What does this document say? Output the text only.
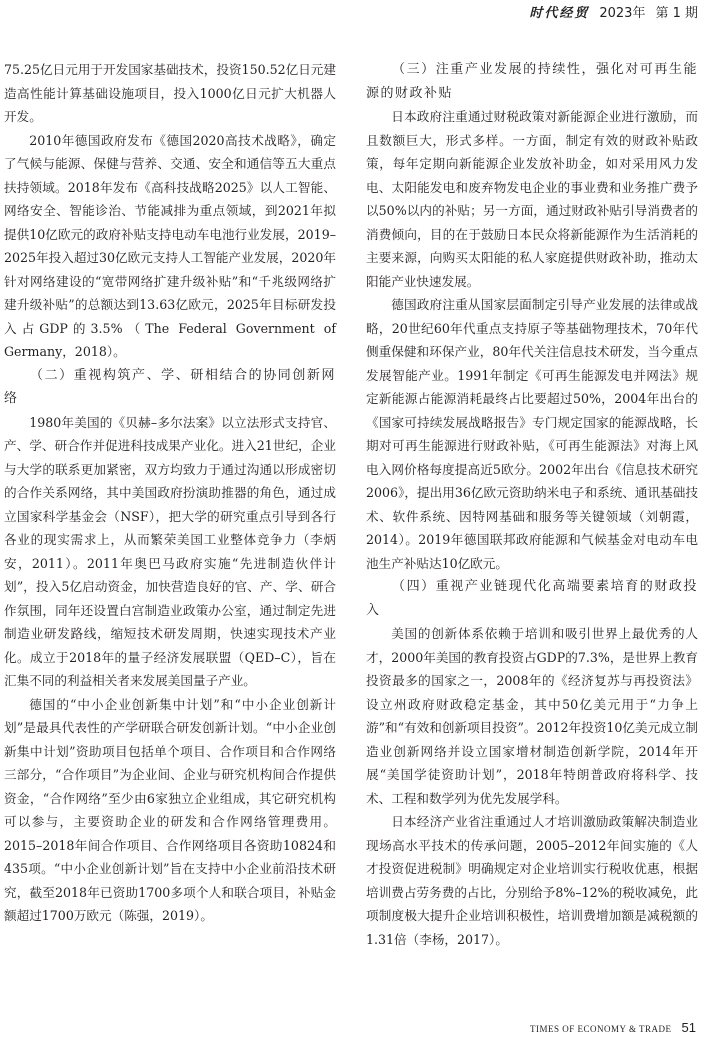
时代经贸 2023年 第 1 期

75.25亿日元用于开发国家基础技术，投资150.52亿日元建造高性能计算基础设施项目，投入1000亿日元扩大机器人开发。

2010年德国政府发布《德国2020高技术战略》，确定了气候与能源、保健与营养、交通、安全和通信等五大重点扶持领域。2018年发布《高科技战略2025》以人工智能、网络安全、智能诊治、节能减排为重点领域，到2021年拟提供10亿欧元的政府补贴支持电动车电池行业发展，2019–2025年投入超过30亿欧元支持人工智能产业发展，2020年针对网络建设的“宽带网络扩建升级补贴”和“千兆级网络扩建升级补贴”的总额达到13.63亿欧元，2025年目标研发投入占GDP的3.5%（The Federal Government of Germany，2018）。

（二）重视构筑产、学、研相结合的协同创新网络

1980年美国的《贝赫–多尔法案》以立法形式支持官、产、学、研合作并促进科技成果产业化。进入21世纪，企业与大学的联系更加紧密，双方均致力于通过沟通以形成密切的合作关系网络，其中美国政府扮演助推器的角色，通过成立国家科学基金会（NSF），把大学的研究重点引导到各行各业的现实需求上，从而繁荣美国工业整体竞争力（李炳安，2011）。2011年奥巴马政府实施“先进制造伙伴计划”，投入5亿启动资金，加快营造良好的官、产、学、研合作氛围，同年还设置白宫制造业政策办公室，通过制定先进制造业研发路线，缩短技术研发周期，快速实现技术产业化。成立于2018年的量子经济发展联盟（QED–C），旨在汇集不同的利益相关者来发展美国量子产业。

德国的“中小企业创新集中计划”和“中小企业创新计划”是最具代表性的产学研联合研发创新计划。“中小企业创新集中计划”资助项目包括单个项目、合作项目和合作网络三部分，“合作项目”为企业间、企业与研究机构间合作提供资金，“合作网络”至少由6家独立企业组成，其它研究机构可以参与，主要资助企业的研发和合作网络管理费用。2015–2018年间合作项目、合作网络项目各资助10824和435项。“中小企业创新计划”旨在支持中小企业前沿技术研究，截至2018年已资助1700多项个人和联合项目，补贴金额超过1700万欧元（陈强，2019）。

（三）注重产业发展的持续性，强化对可再生能源的财政补贴

日本政府注重通过财税政策对新能源企业进行激励，而且数额巨大，形式多样。一方面，制定有效的财政补贴政策，每年定期向新能源企业发放补助金，如对采用风力发电、太阳能发电和废弃物发电企业的事业费和业务推广费予以50%以内的补贴；另一方面，通过财政补贴引导消费者的消费倾向，目的在于鼓励日本民众将新能源作为生活消耗的主要来源，向购买太阳能的私人家庭提供财政补助，推动太阳能产业快速发展。

德国政府注重从国家层面制定引导产业发展的法律或战略，20世纪60年代重点支持原子等基础物理技术，70年代侧重保健和环保产业，80年代关注信息技术研发，当今重点发展智能产业。1991年制定《可再生能源发电并网法》规定新能源占能源消耗最终占比要超过50%，2004年出台的《国家可持续发展战略报告》专门规定国家的能源战略，长期对可再生能源进行财政补贴，《可再生能源法》对海上风电入网价格每度提高近5欧分。2002年出台《信息技术研究2006》，提出用36亿欧元资助纳米电子和系统、通讯基础技术、软件系统、因特网基础和服务等关键领域（刘朝霞，2014）。2019年德国联邦政府能源和气候基金对电动车电池生产补贴达10亿欧元。

（四）重视产业链现代化高端要素培育的财政投入

美国的创新体系依赖于培训和吸引世界上最优秀的人才，2000年美国的教育投资占GDP的7.3%，是世界上教育投资最多的国家之一，2008年的《经济复苏与再投资法》设立州政府财政稳定基金，其中50亿美元用于“力争上游”和“有效和创新项目投资”。2012年投资10亿美元成立制造业创新网络并设立国家增材制造创新学院，2014年开展“美国学徒资助计划”，2018年特朗普政府将科学、技术、工程和数学列为优先发展学科。

日本经济产业省注重通过人才培训激励政策解决制造业现场高水平技术的传承问题，2005–2012年间实施的《人才投资促进税制》明确规定对企业培训实行税收优惠，根据培训费占劳务费的占比，分别给予8%–12%的税收减免，此项制度极大提升企业培训积极性，培训费增加额是减税额的1.31倍（李杨，2017）。

TIMES OF ECONOMY & TRADE 51
